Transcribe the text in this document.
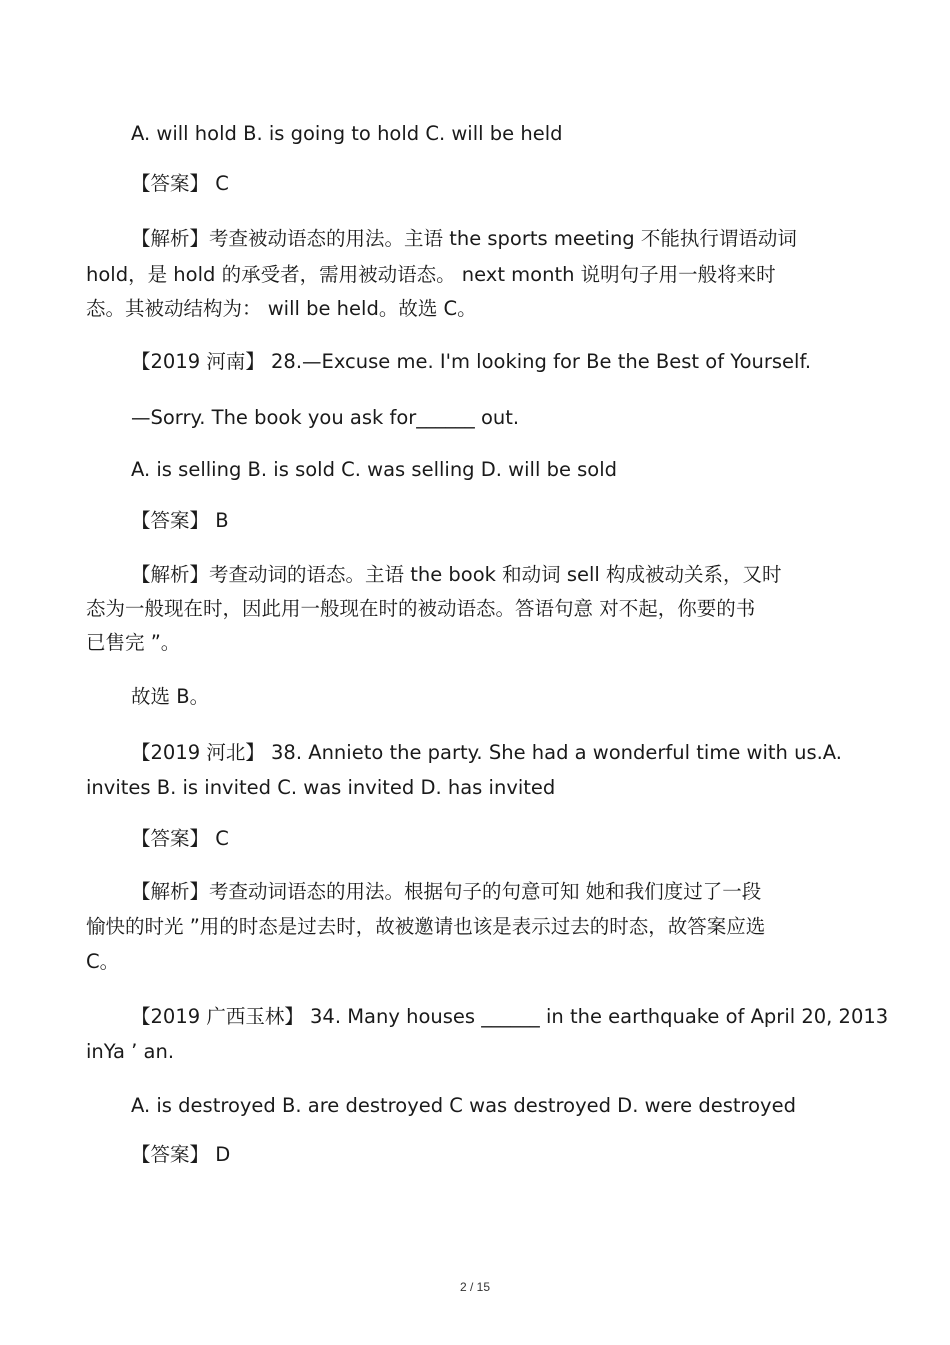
A. will hold B. is going to hold C. will be held
【答案】 C
【解析】考查被动语态的用法。主语 the sports meeting 不能执行谓语动词
hold，是 hold 的承受者，需用被动语态。 next month 说明句子用一般将来时
态。其被动结构为： will be held。故选 C。
【2019 河南】 28.—Excuse me. I'm looking for Be the Best of Yourself.
—Sorry. The book you ask for______ out.
A. is selling B. is sold C. was selling D. will be sold
【答案】 B
【解析】考查动词的语态。主语 the book 和动词 sell 构成被动关系，又时
态为一般现在时，因此用一般现在时的被动语态。答语句意 对不起，你要的书
已售完 ”。
故选 B。
【2019 河北】 38. Annieto the party. She had a wonderful time with us.A.
invites B. is invited C. was invited D. has invited
【答案】 C
【解析】考查动词语态的用法。根据句子的句意可知 她和我们度过了一段
愉快的时光 ”用的时态是过去时，故被邀请也该是表示过去的时态，故答案应选
C。
【2019 广西玉林】 34. Many houses ______ in the earthquake of April 20, 2013
inYa ’ an.
A. is destroyed B. are destroyed C was destroyed D. were destroyed
【答案】 D
2 / 15
